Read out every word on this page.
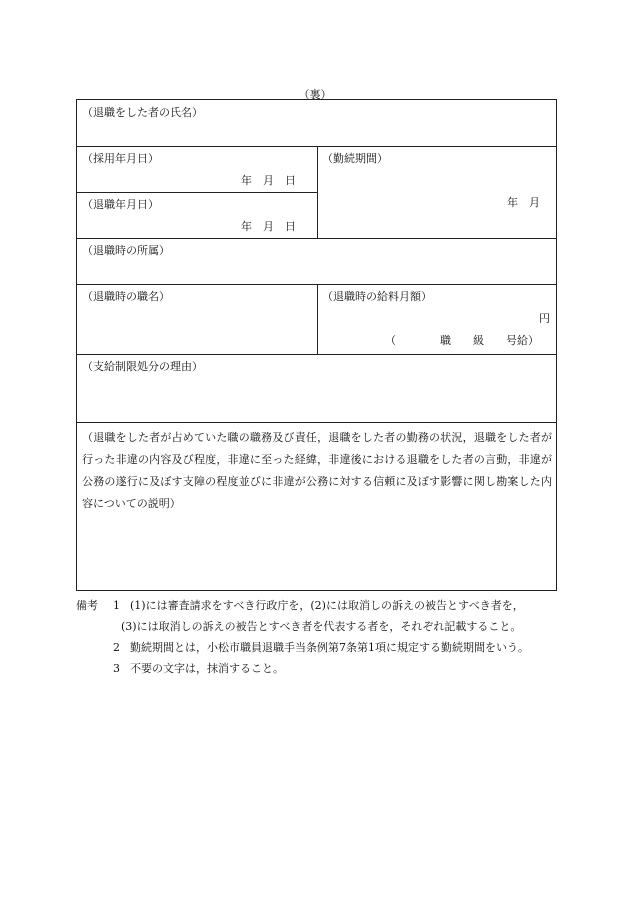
（裏）
（退職をした者の氏名）
（採用年月日）
年　月　日
（勤続期間）
年　月
（退職年月日）
年　月　日
（退職時の所属）
（退職時の職名）	（退職時の給料月額）
円
（　　　　職　　級　　号給）
（支給制限処分の理由）
（退職をした者が占めていた職の職務及び責任，退職をした者の勤務の状況，退職をした者が行った非違の内容及び程度，非違に至った経緯，非違後における退職をした者の言動，非違が公務の遂行に及ぼす支障の程度並びに非違が公務に対する信頼に及ぼす影響に関し勘案した内容についての説明）
備考 1 (1)には審査請求をすべき行政庁を，(2)には取消しの訴えの被告とすべき者を，
(3)には取消しの訴えの被告とすべき者を代表する者を，それぞれ記載すること。
2 勤続期間とは，小松市職員退職手当条例第7条第1項に規定する勤続期間をいう。
3 不要の文字は，抹消すること。
